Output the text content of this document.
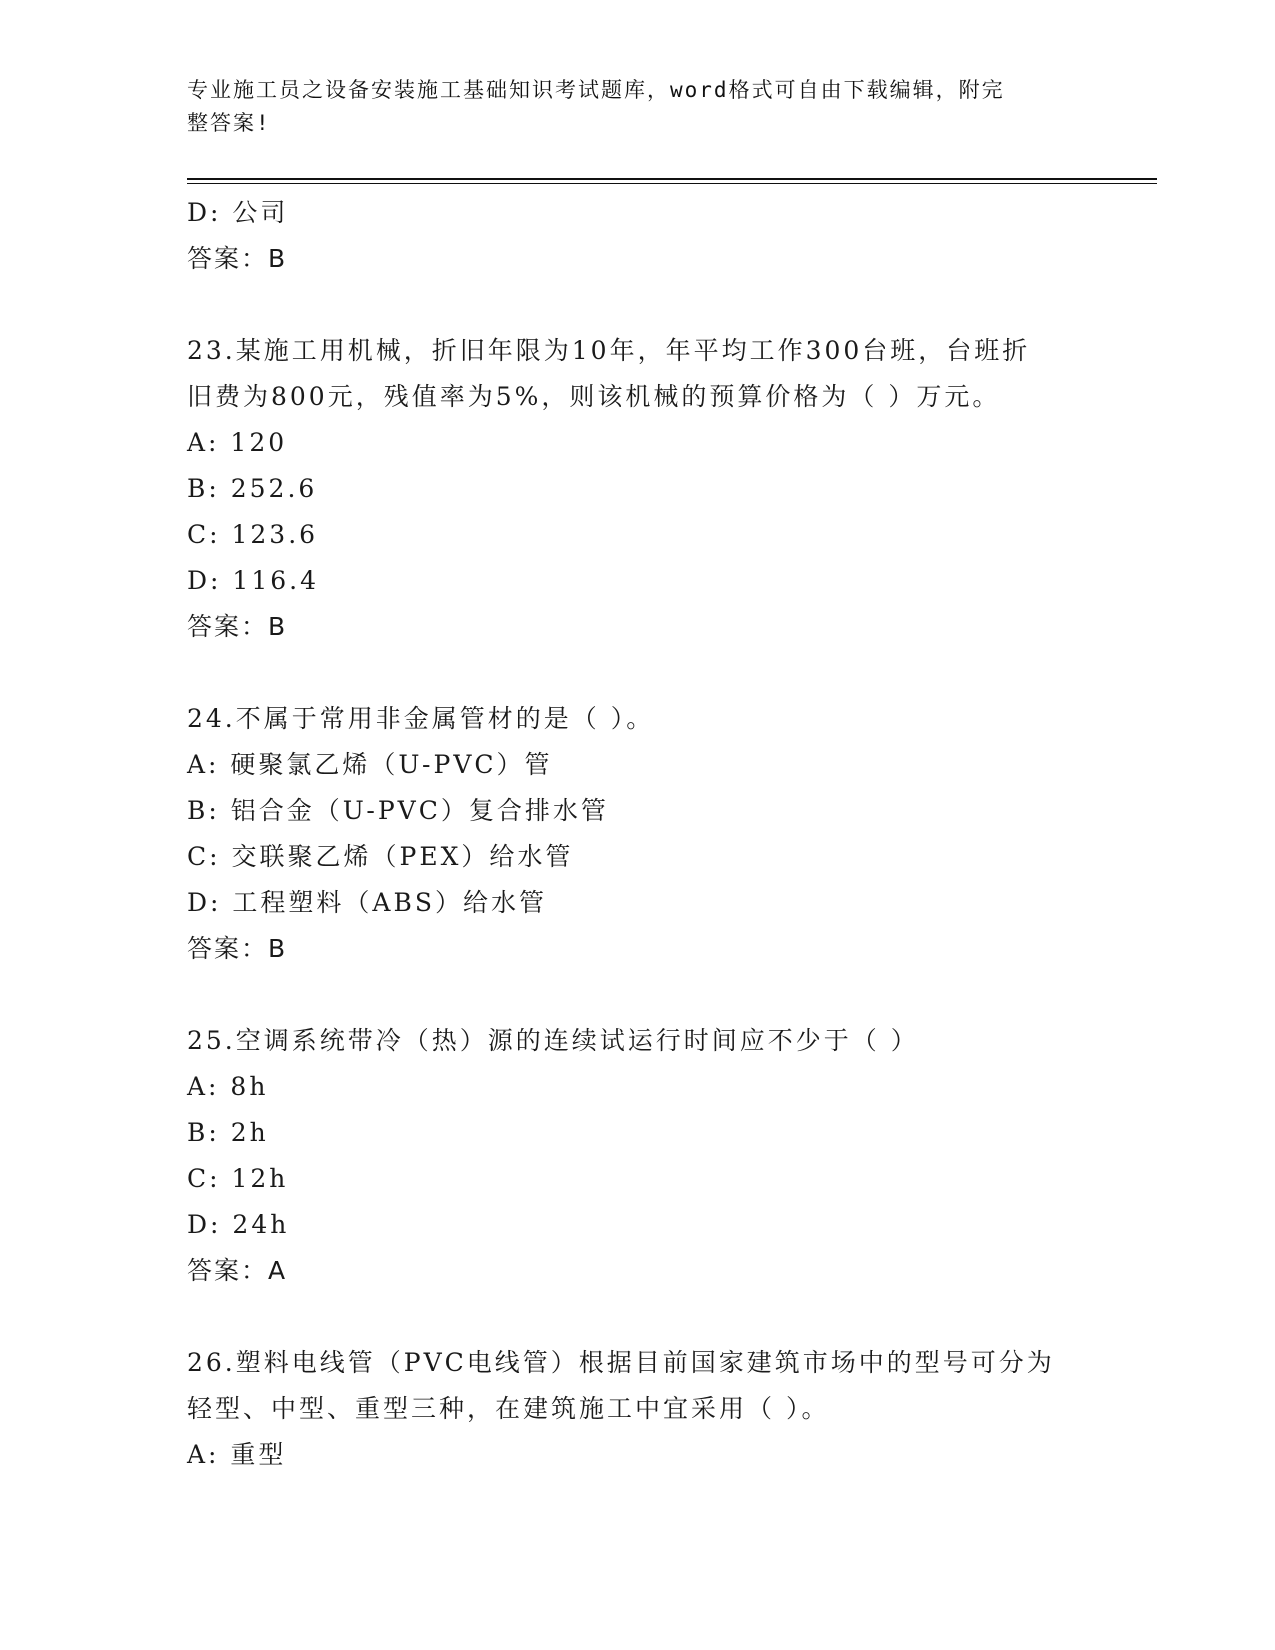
专业施工员之设备安装施工基础知识考试题库，word格式可自由下载编辑，附完
整答案!
D: 公司
答案：B
23.某施工用机械，折旧年限为10年，年平均工作300台班，台班折
旧费为800元，残值率为5%，则该机械的预算价格为（ ）万元。
A: 120
B: 252.6
C: 123.6
D: 116.4
答案：B
24.不属于常用非金属管材的是（ ）。
A: 硬聚氯乙烯（U-PVC）管
B: 铝合金（U-PVC）复合排水管
C: 交联聚乙烯（PEX）给水管
D: 工程塑料（ABS）给水管
答案：B
25.空调系统带冷（热）源的连续试运行时间应不少于（ ）
A: 8h
B: 2h
C: 12h
D: 24h
答案：A
26.塑料电线管（PVC电线管）根据目前国家建筑市场中的型号可分为
轻型、中型、重型三种，在建筑施工中宜采用（ ）。
A: 重型
